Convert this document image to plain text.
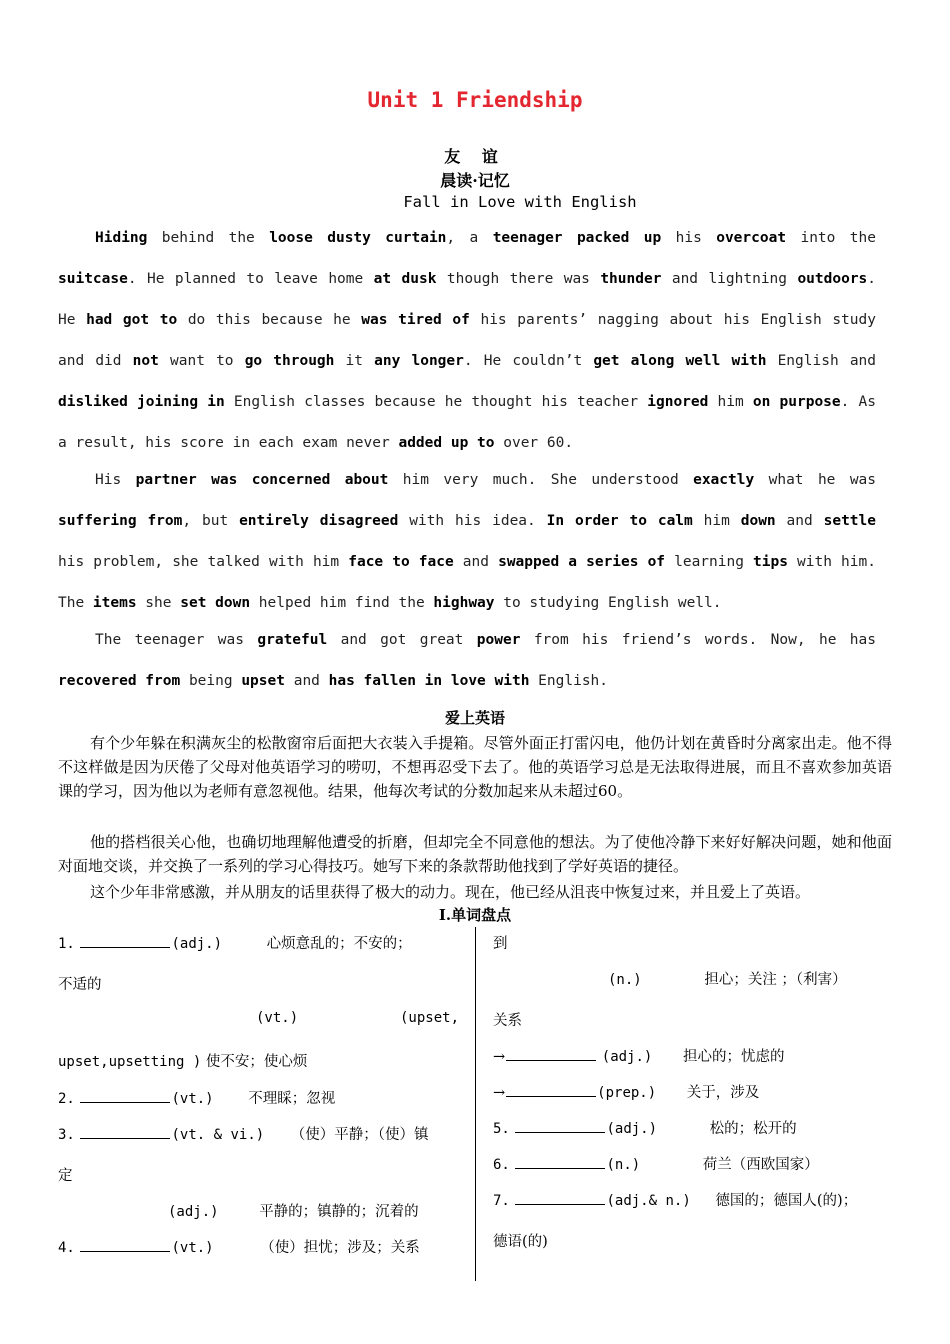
Unit 1 Friendship
友 谊
晨读·记忆
Fall in Love with English

Hiding behind the loose dusty curtain, a teenager packed up his overcoat into the suitcase. He planned to leave home at dusk though there was thunder and lightning outdoors. He had got to do this because he was tired of his parents’ nagging about his English study and did not want to go through it any longer. He couldn’t get along well with English and disliked joining in English classes because he thought his teacher ignored him on purpose. As a result, his score in each exam never added up to over 60.

His partner was concerned about him very much. She understood exactly what he was suffering from, but entirely disagreed with his idea. In order to calm him down and settle his problem, she talked with him face to face and swapped a series of learning tips with him. The items she set down helped him find the highway to studying English well.

The teenager was grateful and got great power from his friend’s words. Now, he has recovered from being upset and has fallen in love with English.

爱上英语

有个少年躲在积满灰尘的松散窗帘后面把大衣装入手提箱。尽管外面正打雷闪电，他仍计划在黄昏时分离家出走。他不得不这样做是因为厌倦了父母对他英语学习的唠叨，不想再忍受下去了。他的英语学习总是无法取得进展，而且不喜欢参加英语课的学习，因为他以为老师有意忽视他。结果，他每次考试的分数加起来从未超过60。

他的搭档很关心他，也确切地理解他遭受的折磨，但却完全不同意他的想法。为了使他冷静下来好好解决问题，她和他面对面地交谈，并交换了一系列的学习心得技巧。她写下来的条款帮助他找到了学好英语的捷径。

这个少年非常感激，并从朋友的话里获得了极大的动力。现在，他已经从沮丧中恢复过来，并且爱上了英语。

Ⅰ.单词盘点
1.	(adj.)	心烦意乱的；不安的；
不适的
(vt.)	(upset,
upset,upsetting ) 使不安；使心烦
2.	(vt.) 不理睬；忽视
3.	(vt. & vi.) （使）平静；（使）镇
定
(adj.)	平静的；镇静的；沉着的
4.	(vt.)	（使）担忧；涉及；关系
到
(n.)	担心；关注 ；（利害）
关系
→	(adj.) 担心的；忧虑的
→	(prep.) 关于，涉及
5.	(adj.)	松的；松开的
6.	(n.)	荷兰（西欧国家）
7.	(adj.& n.) 德国的；德国人(的)；
德语(的)
